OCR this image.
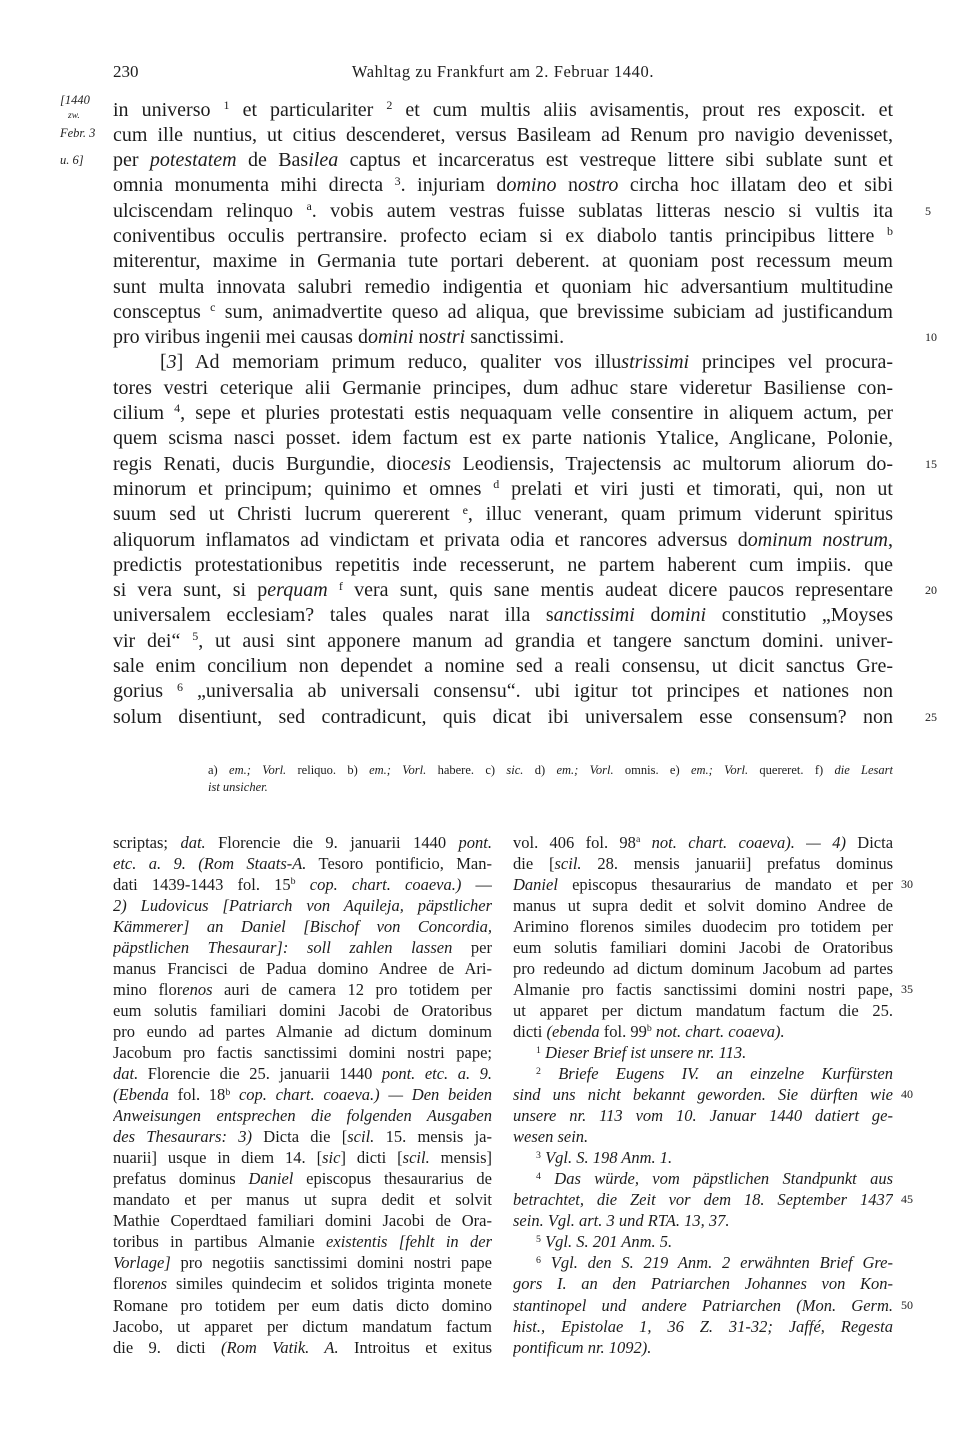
230	Wahltag zu Frankfurt am 2. Februar 1440.
[1440
zw.
Febr. 3
u. 6]
in universo $^1$ et particulariter $^2$ et cum multis aliis avisamentis, prout res exposcit. et
cum ille nuntius, ut citius descenderet, versus Basileam ad Renum pro navigio devenisset,
per potestatem de Basilea captus et incarceratus est vestreque littere sibi sublate sunt et
omnia monumenta mihi directa $^3$. injuriam domino nostro circha hoc illatam deo et sibi
ulciscendam relinquo $^a$. vobis autem vestras fuisse sublatas litteras nescio si vultis ita	5
coniventibus occulis pertransire. profecto eciam si ex diabolo tantis principibus littere $^b$
miterentur, maxime in Germania tute portari deberent. at quoniam post recessum meum
sunt multa innovata salubri remedio indigentia et quoniam hic adversantium multitudine
consceptus $^c$ sum, animadvertite queso ad aliqua, que brevissime subiciam ad justificandum
pro viribus ingenii mei causas domini nostri sanctissimi.	10
[3] Ad memoriam primum reduco, qualiter vos illustrissimi principes vel procura-
tores vestri ceterique alii Germanie principes, dum adhuc stare videretur Basiliense con-
cilium $^4$, sepe et pluries protestati estis nequaquam velle consentire in aliquem actum, per
quem scisma nasci posset. idem factum est ex parte nationis Ytalice, Anglicane, Polonie,
regis Renati, ducis Burgundie, diocesis Leodiensis, Trajectensis ac multorum aliorum do-	15
minorum et principum; quinimo et omnes $^d$ prelati et viri justi et timorati, qui, non ut
suum sed ut Christi lucrum quererent $^e$, illuc venerant, quam primum viderunt spiritus
aliquorum inflamatos ad vindictam et privata odia et rancores adversus dominum nostrum,
predictis protestationibus repetitis inde recesserunt, ne partem haberent cum impiis. que
si vera sunt, si perquam $^f$ vera sunt, quis sane mentis audeat dicere paucos representare	20
universalem ecclesiam? tales quales narat illa sanctissimi domini constitutio „Moyses
vir dei“ $^5$, ut ausi sint apponere manum ad grandia et tangere sanctum domini. univer-
sale enim concilium non dependet a nomine sed a reali consensu, ut dicit sanctus Gre-
gorius $^6$ „universalia ab universali consensu“. ubi igitur tot principes et nationes non
solum disentiunt, sed contradicunt, quis dicat ibi universalem esse consensum? non	25
a) em.; Vorl. reliquo. b) em.; Vorl. habere. c) sic. d) em.; Vorl. omnis. e) em.; Vorl. quereret. f) die Lesart
ist unsicher.
scriptas; dat. Florencie die 9. januarii 1440 pont.
etc. a. 9. (Rom Staats-A. Tesoro pontificio, Man-
dati 1439-1443 fol. 15$^b$ cop. chart. coaeva.) —
2) Ludovicus [Patriarch von Aquileja, päpstlicher
Kämmerer] an Daniel [Bischof von Concordia,
päpstlichen Thesaurar]: soll zahlen lassen per
manus Francisci de Padua domino Andree de Ari-
mino florenos auri de camera 12 pro totidem per
eum solutis familiari domini Jacobi de Oratoribus
pro eundo ad partes Almanie ad dictum dominum
Jacobum pro factis sanctissimi domini nostri pape;
dat. Florencie die 25. januarii 1440 pont. etc. a. 9.
(Ebenda fol. 18$^b$ cop. chart. coaeva.) — Den beiden
Anweisungen entsprechen die folgenden Ausgaben
des Thesaurars: 3) Dicta die [scil. 15. mensis ja-
nuarii] usque in diem 14. [sic] dicti [scil. mensis]
prefatus dominus Daniel episcopus thesaurarius de
mandato et per manus ut supra dedit et solvit
Mathie Coperdtaed familiari domini Jacobi de Ora-
toribus in partibus Almanie existentis [fehlt in der
Vorlage] pro negotiis sanctissimi domini nostri pape
florenos similes quindecim et solidos triginta monete
Romane pro totidem per eum datis dicto domino
Jacobo, ut apparet per dictum mandatum factum
die 9. dicti (Rom Vatik. A. Introitus et exitus
vol. 406 fol. 98$^a$ not. chart. coaeva). — 4) Dicta
die [scil. 28. mensis januarii] prefatus dominus
Daniel episcopus thesaurarius de mandato et per 30
manus ut supra dedit et solvit domino Andree de
Arimino florenos similes duodecim pro totidem per
eum solutis familiari domini Jacobi de Oratoribus
pro redeundo ad dictum dominum Jacobum ad partes
Almanie pro factis sanctissimi domini nostri pape, 35
ut apparet per dictum mandatum factum die 25.
dicti (ebenda fol. 99$^b$ not. chart. coaeva).
$^1$ Dieser Brief ist unsere nr. 113.
$^2$ Briefe Eugens IV. an einzelne Kurfürsten
sind uns nicht bekannt geworden. Sie dürften wie 40
unsere nr. 113 vom 10. Januar 1440 datiert ge-
wesen sein.
$^3$ Vgl. S. 198 Anm. 1.
$^4$ Das würde, vom päpstlichen Standpunkt aus
betrachtet, die Zeit vor dem 18. September 1437 45
sein. Vgl. art. 3 und RTA. 13, 37.
$^5$ Vgl. S. 201 Anm. 5.
$^6$ Vgl. den S. 219 Anm. 2 erwähnten Brief Gre-
gors I. an den Patriarchen Johannes von Kon-
stantinopel und andere Patriarchen (Mon. Germ. 50
hist., Epistolae 1, 36 Z. 31-32; Jaffé, Regesta
pontificum nr. 1092).
